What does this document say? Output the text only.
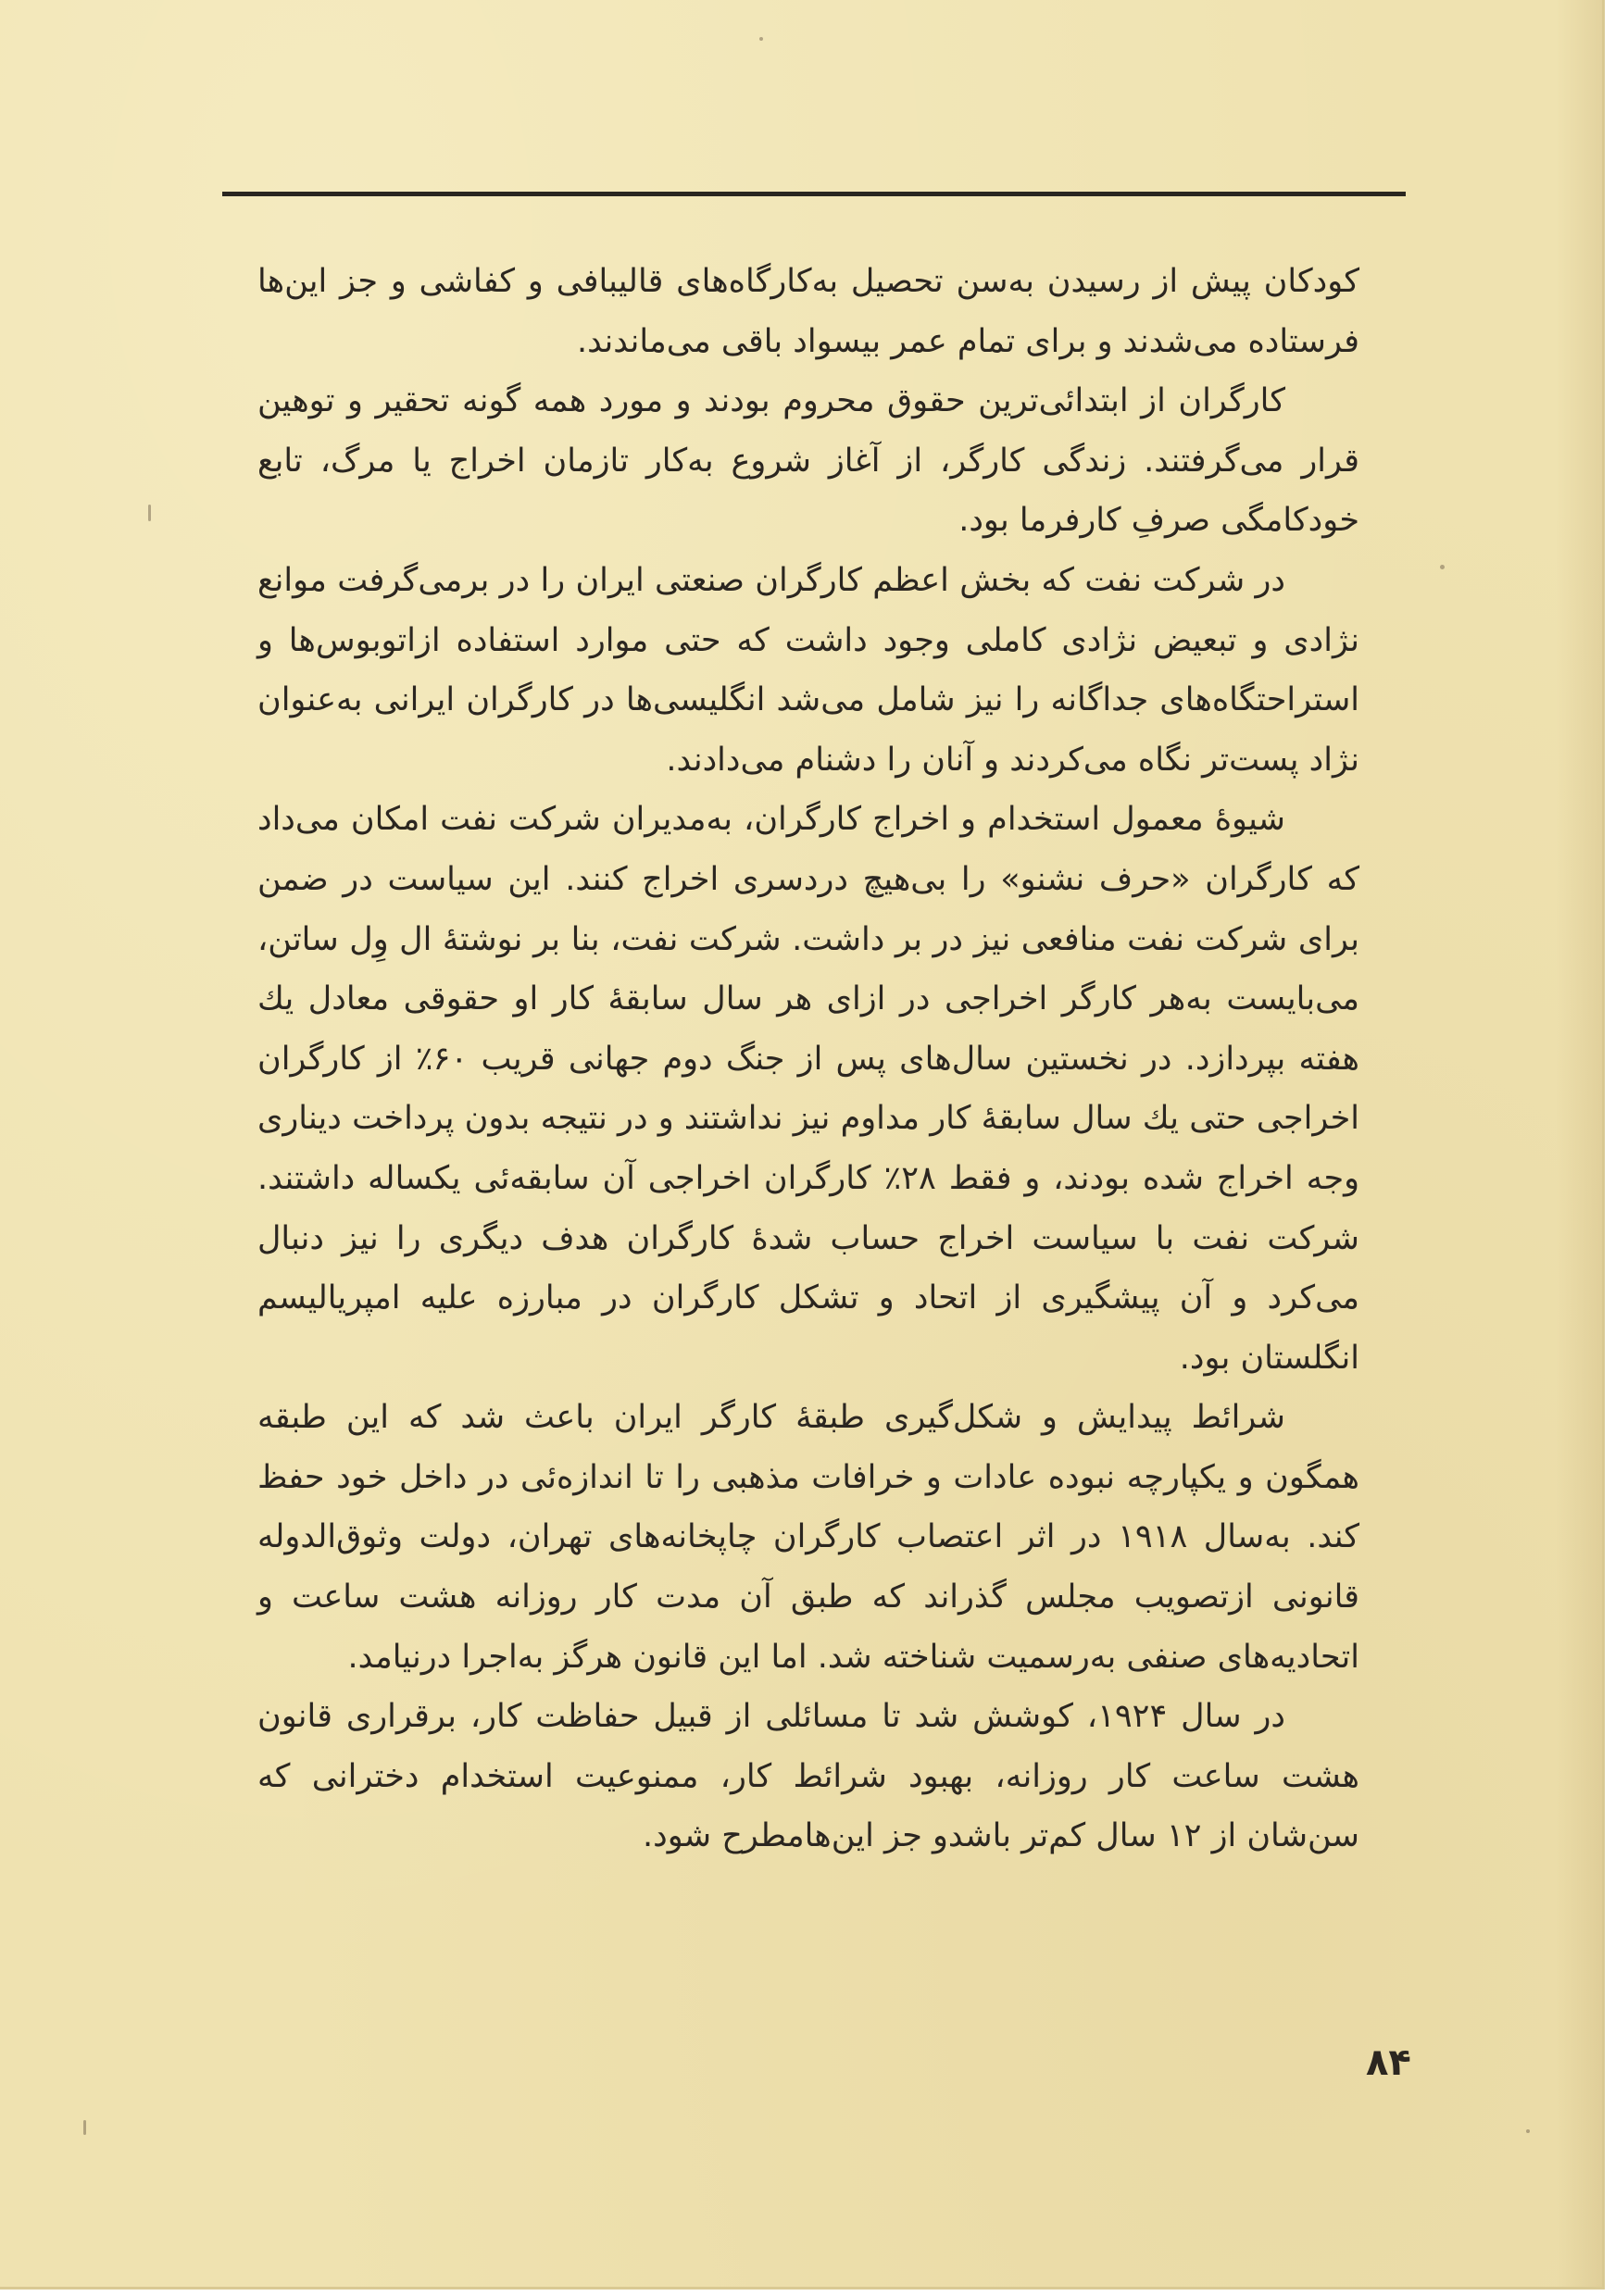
کودکان پیش از رسیدن به‌سن تحصیل به‌کارگاه‌های قالیبافی و کفاشی و جز این‌ها فرستاده می‌شدند و برای تمام عمر بیسواد باقی می‌ماندند.

کارگران از ابتدائی‌ترین حقوق محروم بودند و مورد همه گونه تحقیر و توهین قرار می‌گرفتند. زندگی کارگر، از آغاز شروع به‌کار تازمان اخراج یا مرگ، تابع خودکامگی صرفِ کارفرما بود.

در شرکت نفت که بخش اعظم کارگران صنعتی ایران را در برمی‌گرفت موانع نژادی و تبعیض نژادی کاملی وجود داشت که حتی موارد استفاده ازاتوبوس‌ها و استراحتگاه‌های جداگانه را نیز شامل می‌شد انگلیسی‌ها در کارگران ایرانی به‌عنوان نژاد پست‌تر نگاه می‌کردند و آنان را دشنام می‌دادند.

شیوهٔ معمول استخدام و اخراج کارگران، به‌مدیران شرکت نفت امکان می‌داد که کارگران «حرف نشنو» را بی‌هیچ دردسری اخراج کنند. این سیاست در ضمن برای شرکت نفت منافعی نیز در بر داشت. شرکت نفت، بنا بر نوشتهٔ ال وِل ساتن، می‌بایست به‌هر کارگر اخراجی در ازای هر سال سابقهٔ کار او حقوقی معادل یك هفته بپردازد. در نخستین سال‌های پس از جنگ دوم جهانی قریب ۶۰٪ از کارگران اخراجی حتی یك سال سابقهٔ کار مداوم نیز نداشتند و در نتیجه بدون پرداخت دیناری وجه اخراج شده بودند، و فقط ۲۸٪ کارگران اخراجی آن سابقه‌ئی یکساله داشتند. شرکت نفت با سیاست اخراج حساب شدهٔ کارگران هدف دیگری را نیز دنبال می‌کرد و آن پیشگیری از اتحاد و تشکل کارگران در مبارزه علیه امپریالیسم انگلستان بود.

شرائط پیدایش و شکل‌گیری طبقهٔ کارگر ایران باعث شد که این طبقه همگون و یکپارچه نبوده عادات و خرافات مذهبی را تا اندازه‌ئی در داخل خود حفظ کند. به‌سال ۱۹۱۸ در اثر اعتصاب کارگران چاپخانه‌های تهران، دولت وثوق‌الدوله قانونی ازتصویب مجلس گذراند که طبق آن مدت کار روزانه هشت ساعت و اتحادیه‌های صنفی به‌رسمیت شناخته شد. اما این قانون هرگز به‌اجرا درنیامد.

در سال ۱۹۲۴، کوشش شد تا مسائلی از قبیل حفاظت کار، برقراری قانون هشت ساعت کار روزانه، بهبود شرائط کار، ممنوعیت استخدام دخترانی که سن‌شان از ۱۲ سال کم‌تر باشدو جز این‌هامطرح شود.

۸۴
